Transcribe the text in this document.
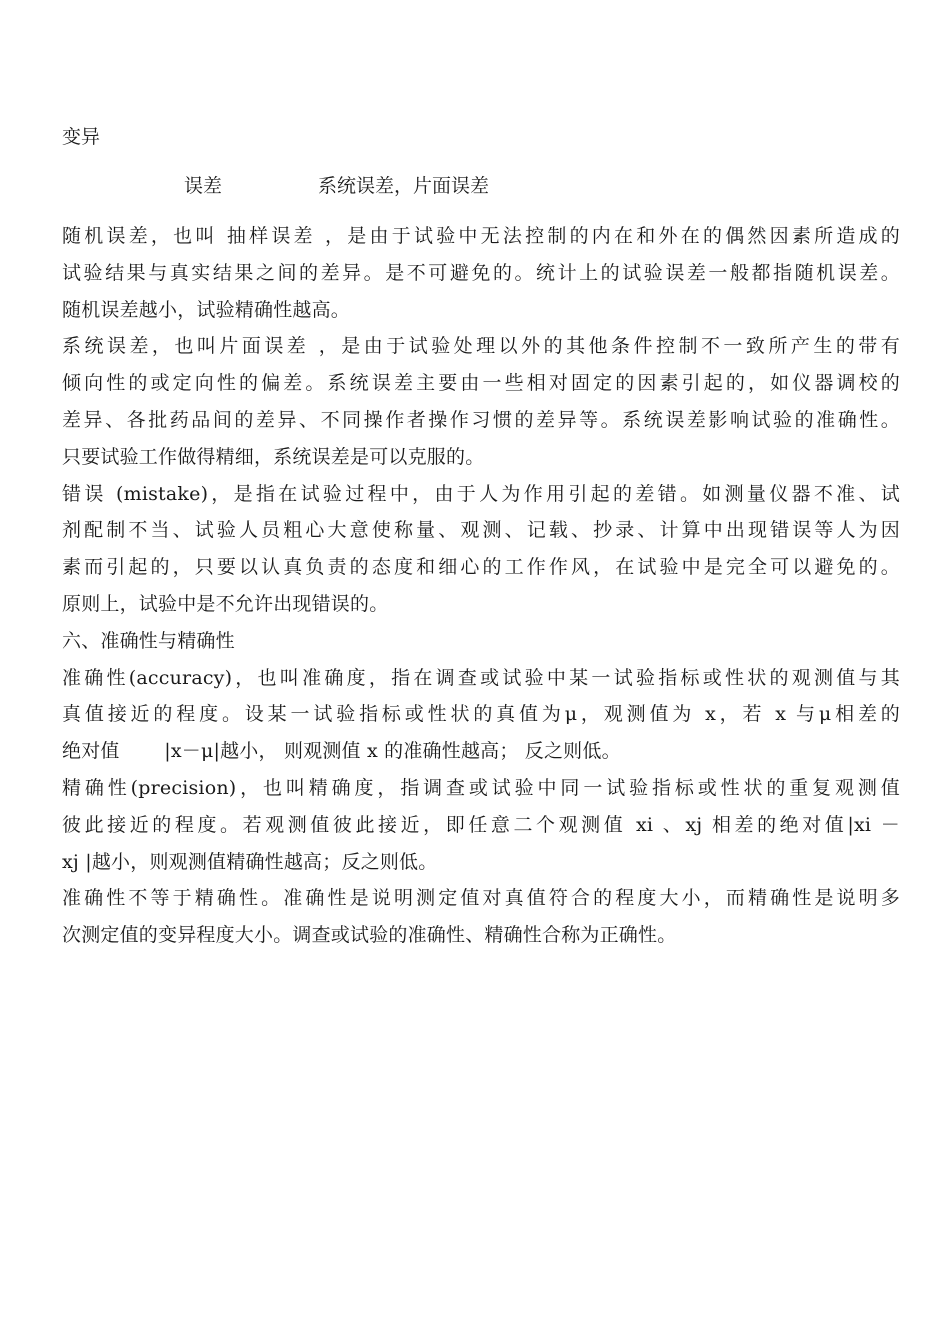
变异

误差	系统误差，片面误差
随机误差，也叫 抽样误差 ，是由于试验中无法控制的内在和外在的偶然因素所造成的
试验结果与真实结果之间的差异。是不可避免的。统计上的试验误差一般都指随机误差。
随机误差越小，试验精确性越高。
系统误差，也叫片面误差 ，是由于试验处理以外的其他条件控制不一致所产生的带有
倾向性的或定向性的偏差。系统误差主要由一些相对固定的因素引起的，如仪器调校的
差异、各批药品间的差异、不同操作者操作习惯的差异等。系统误差影响试验的准确性。
只要试验工作做得精细，系统误差是可以克服的。
错误 (mistake)，是指在试验过程中，由于人为作用引起的差错。如测量仪器不准、试
剂配制不当、试验人员粗心大意使称量、观测、记载、抄录、计算中出现错误等人为因
素而引起的，只要以认真负责的态度和细心的工作作风，在试验中是完全可以避免的。
原则上，试验中是不允许出现错误的。
六、准确性与精确性
准确性(accuracy)，也叫准确度，指在调查或试验中某一试验指标或性状的观测值与其
真值接近的程度。设某一试验指标或性状的真值为μ，观测值为 x，若 x 与μ相差的
绝对值 　　|x－μ|越小， 则观测值 x 的准确性越高； 反之则低。
精确性(precision)，也叫精确度，指调查或试验中同一试验指标或性状的重复观测值
彼此接近的程度。若观测值彼此接近，即任意二个观测值 xi 、xj 相差的绝对值|xi －
xj |越小，则观测值精确性越高；反之则低。
准确性不等于精确性。准确性是说明测定值对真值符合的程度大小，而精确性是说明多
次测定值的变异程度大小。调查或试验的准确性、精确性合称为正确性。
